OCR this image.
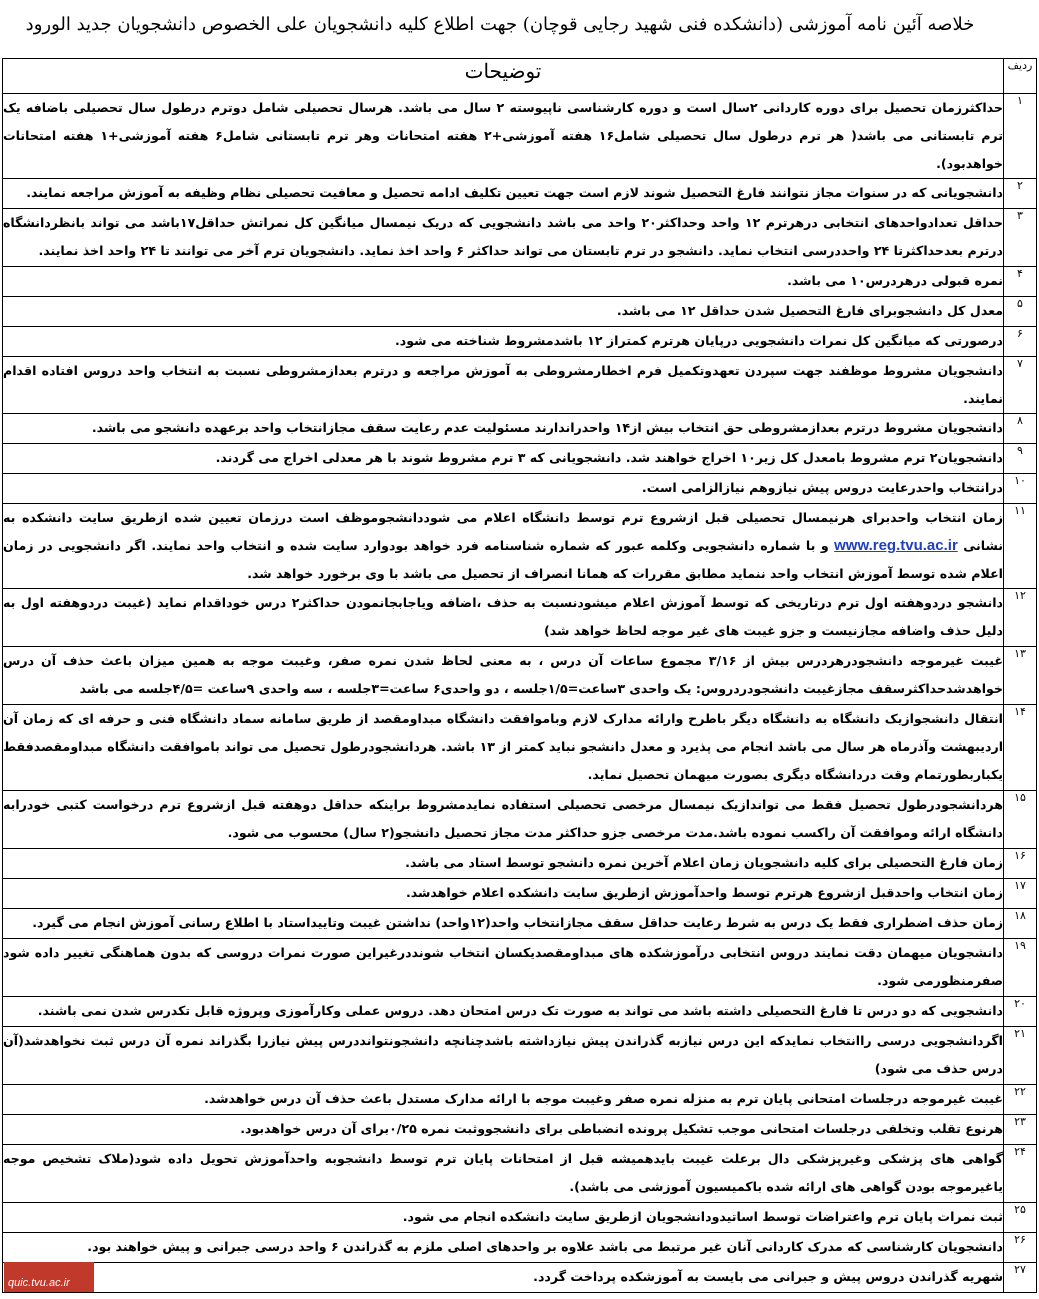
خلاصه آئین نامه آموزشی (دانشکده فنی شهید رجایی قوچان) جهت اطلاع کلیه دانشجویان علی الخصوص دانشجویان جدید الورود
ردیف	توضیحات
۱	حداکثرزمان تحصیل برای دوره کاردانی ۲سال است و دوره کارشناسی ناپیوسته ۲ سال می باشد. هرسال تحصیلی شامل دوترم درطول سال تحصیلی باضافه یک ترم تابستانی می باشد( هر ترم درطول سال تحصیلی شامل۱۶ هفته آموزشی+۲ هفته امتحانات وهر ترم تابستانی شامل۶ هفته آموزشی+۱ هفته امتحانات خواهدبود).
۲	دانشجویانی که در سنوات مجاز نتوانند فارغ التحصیل شوند لازم است جهت تعیین تکلیف ادامه تحصیل و معافیت تحصیلی نظام وظیفه به آموزش مراجعه نمایند.
۳	حداقل تعدادواحدهای انتخابی درهرترم ۱۲ واحد وحداکثر۲۰ واحد می باشد دانشجویی که دریک نیمسال میانگین کل نمراتش حداقل۱۷باشد می تواند بانظردانشگاه درترم بعدحداکثرتا ۲۴ واحددرسی انتخاب نماید. دانشجو در ترم تابستان می تواند حداکثر ۶ واحد اخذ نماید. دانشجویان ترم آخر می توانند تا ۲۴ واحد اخذ نمایند.
۴	نمره قبولی درهردرس۱۰ می باشد.
۵	معدل کل دانشجوبرای فارغ التحصیل شدن حداقل ۱۲ می باشد.
۶	درصورتی که میانگین کل نمرات دانشجویی درپایان هرترم کمتراز ۱۲ باشدمشروط شناخته می شود.
۷	دانشجویان مشروط موظفند جهت سپردن تعهدوتکمیل فرم اخطارمشروطی به آموزش مراجعه و درترم بعدازمشروطی نسبت به انتخاب واحد دروس افتاده اقدام نمایند.
۸	دانشجویان مشروط درترم بعدازمشروطی حق انتخاب بیش از۱۴ واحدراندارند مسئولیت عدم رعایت سقف مجازانتخاب واحد برعهده دانشجو می باشد.
۹	دانشجویان۲ ترم مشروط بامعدل کل زیر۱۰ اخراج خواهند شد. دانشجویانی که ۳ ترم مشروط شوند با هر معدلی اخراج می گردند.
۱۰	درانتخاب واحدرعایت دروس پیش نیازوهم نیازالزامی است.
۱۱	زمان انتخاب واحدبرای هرنیمسال تحصیلی قبل ازشروع ترم توسط دانشگاه اعلام می شوددانشجوموظف است درزمان تعیین شده ازطریق سایت دانشکده به نشانی www.reg.tvu.ac.ir و با شماره دانشجویی وکلمه عبور که شماره شناسنامه فرد خواهد بودوارد سایت شده و انتخاب واحد نمایند. اگر دانشجویی در زمان اعلام شده توسط آموزش انتخاب واحد ننماید مطابق مقررات که همانا انصراف از تحصیل می باشد با وی برخورد خواهد شد.
۱۲	دانشجو دردوهفته اول ترم درتاریخی که توسط آموزش اعلام میشودنسبت به حذف ،اضافه ویاجابجانمودن حداکثر۲ درس خوداقدام نماید (غیبت دردوهفته اول به دلیل حذف واضافه مجازنیست و جزو غیبت های غیر موجه لحاظ خواهد شد)
۱۳	غیبت غیرموجه دانشجودرهردرس بیش از ۳/۱۶ مجموع ساعات آن درس ، به معنی لحاظ شدن نمره صفر، وغیبت موجه به همین میزان باعث حذف آن درس خواهدشدحداکثرسقف مجازغیبت دانشجودردروس: یک واحدی ۳ساعت=۱/۵جلسه ، دو واحدی۶ ساعت=۳جلسه ، سه واحدی ۹ساعت =۴/۵جلسه می باشد
۱۴	انتقال دانشجوازیک دانشگاه به دانشگاه دیگر باطرح وارائه مدارک لازم وباموافقت دانشگاه مبداومقصد از طریق سامانه سماد دانشگاه فنی و حرفه ای که زمان آن اردیبهشت وآذرماه هر سال می باشد انجام می پذیرد و معدل دانشجو نباید کمتر از ۱۳ باشد. هردانشجودرطول تحصیل می تواند باموافقت دانشگاه مبداومقصدفقط یکباربطورتمام وقت دردانشگاه دیگری بصورت میهمان تحصیل نماید.
۱۵	هردانشجودرطول تحصیل فقط می تواندازیک نیمسال مرخصی تحصیلی استفاده نمایدمشروط براینکه حداقل دوهفته قبل ازشروع ترم درخواست کتبی خودرابه دانشگاه ارائه وموافقت آن راکسب نموده باشد.مدت مرخصی جزو حداکثر مدت مجاز تحصیل دانشجو(۲ سال) محسوب می شود.
۱۶	زمان فارغ التحصیلی برای کلیه دانشجویان زمان اعلام آخرین نمره دانشجو توسط استاد می باشد.
۱۷	زمان انتخاب واحدقبل ازشروع هرترم توسط واحدآموزش ازطریق سایت دانشکده اعلام خواهدشد.
۱۸	زمان حذف اضطراری فقط یک درس به شرط رعایت حداقل سقف مجازانتخاب واحد(۱۲واحد) نداشتن غیبت وتاییداستاد با اطلاع رسانی آموزش انجام می گیرد.
۱۹	دانشجویان میهمان دقت نمایند دروس انتخابی درآموزشکده های مبداومقصدیکسان انتخاب شونددرغیراین صورت نمرات دروسی که بدون هماهنگی تغییر داده شود صفرمنظورمی شود.
۲۰	دانشجویی که دو درس تا فارغ التحصیلی داشته باشد می تواند به صورت تک درس امتحان دهد. دروس عملی وکارآموزی وپروژه قابل تکدرس شدن نمی باشند.
۲۱	اگردانشجویی درسی راانتخاب نمایدکه این درس نیازبه گذراندن پیش نیازداشته باشدچنانچه دانشجونتوانددرس پیش نیازرا بگذراند نمره آن درس ثبت نخواهدشد(آن درس حذف می شود)
۲۲	غیبت غیرموجه درجلسات امتحانی پایان ترم به منزله نمره صفر وغیبت موجه با ارائه مدارک مستدل باعث حذف آن درس خواهدشد.
۲۳	هرنوع تقلب وتخلفی درجلسات امتحانی موجب تشکیل پرونده انضباطی برای دانشجووثبت نمره ۰/۲۵برای آن درس خواهدبود.
۲۴	گواهی های پزشکی وغیرپزشکی دال برعلت غیبت بایدهمیشه قبل از امتحانات پایان ترم توسط دانشجوبه واحدآموزش تحویل داده شود(ملاک تشخیص موجه یاغیرموجه بودن گواهی های ارائه شده باکمیسیون آموزشی می باشد).
۲۵	ثبت نمرات پایان ترم واعتراضات توسط اساتیدودانشجویان ازطریق سایت دانشکده انجام می شود.
۲۶	دانشجویان کارشناسی که مدرک کاردانی آنان غیر مرتبط می باشد علاوه بر واحدهای اصلی ملزم به گذراندن ۶ واحد درسی جبرانی و پیش خواهند بود.
۲۷	شهریه گذراندن دروس پیش و جبرانی می بایست به آموزشکده پرداخت گردد.
quic.tvu.ac.ir
